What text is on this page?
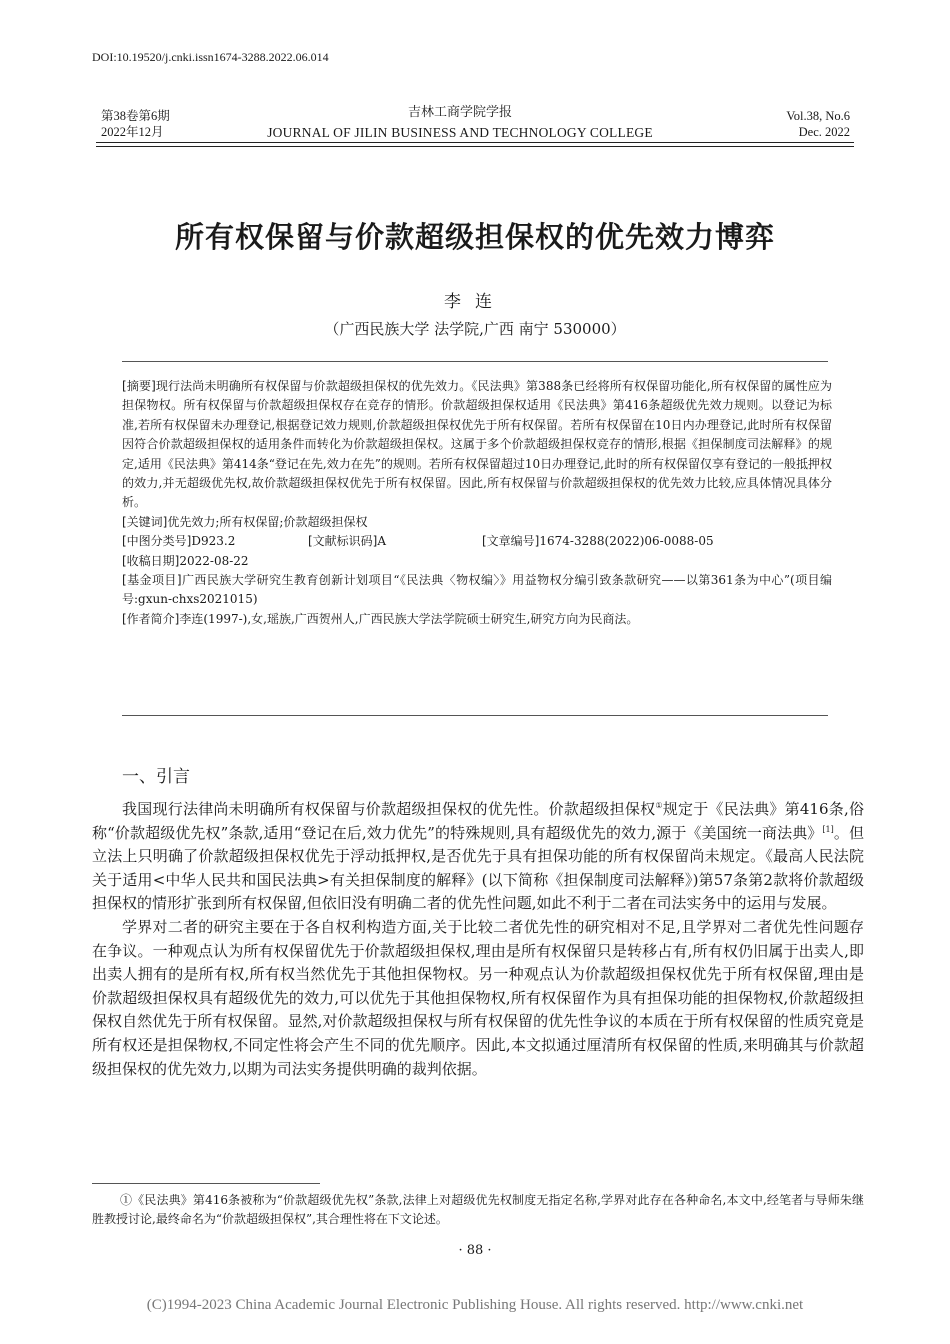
DOI:10.19520/j.cnki.issn1674-3288.2022.06.014
第38卷第6期
2022年12月
吉林工商学院学报
JOURNAL OF JILIN BUSINESS AND TECHNOLOGY COLLEGE
Vol.38, No.6
Dec. 2022
所有权保留与价款超级担保权的优先效力博弈
李连
（广西民族大学 法学院,广西 南宁 530000）

[摘要]现行法尚未明确所有权保留与价款超级担保权的优先效力。《民法典》第388条已经将所有权保留功能化,所有权保留的属性应为担保物权。所有权保留与价款超级担保权存在竞存的情形。价款超级担保权适用《民法典》第416条超级优先效力规则。以登记为标准,若所有权保留未办理登记,根据登记效力规则,价款超级担保权优先于所有权保留。若所有权保留在10日内办理登记,此时所有权保留因符合价款超级担保权的适用条件而转化为价款超级担保权。这属于多个价款超级担保权竞存的情形,根据《担保制度司法解释》的规定,适用《民法典》第414条“登记在先,效力在先”的规则。若所有权保留超过10日办理登记,此时的所有权保留仅享有登记的一般抵押权的效力,并无超级优先权,故价款超级担保权优先于所有权保留。因此,所有权保留与价款超级担保权的优先效力比较,应具体情况具体分析。

[关键词]优先效力;所有权保留;价款超级担保权

[中图分类号]D923.2	[文献标识码]A	[文章编号]1674-3288(2022)06-0088-05

[收稿日期]2022-08-22

[基金项目]广西民族大学研究生教育创新计划项目“《民法典〈物权编〉》用益物权分编引致条款研究——以第361条为中心”(项目编号:gxun-chxs2021015)

[作者简介]李连(1997-),女,瑶族,广西贺州人,广西民族大学法学院硕士研究生,研究方向为民商法。

一、引言

我国现行法律尚未明确所有权保留与价款超级担保权的优先性。价款超级担保权①规定于《民法典》第416条,俗称“价款超级优先权”条款,适用“登记在后,效力优先”的特殊规则,具有超级优先的效力,源于《美国统一商法典》[1]。但立法上只明确了价款超级担保权优先于浮动抵押权,是否优先于具有担保功能的所有权保留尚未规定。《最高人民法院关于适用<中华人民共和国民法典>有关担保制度的解释》(以下简称《担保制度司法解释》)第57条第2款将价款超级担保权的情形扩张到所有权保留,但依旧没有明确二者的优先性问题,如此不利于二者在司法实务中的运用与发展。

学界对二者的研究主要在于各自权利构造方面,关于比较二者优先性的研究相对不足,且学界对二者优先性问题存在争议。一种观点认为所有权保留优先于价款超级担保权,理由是所有权保留只是转移占有,所有权仍旧属于出卖人,即出卖人拥有的是所有权,所有权当然优先于其他担保物权。另一种观点认为价款超级担保权优先于所有权保留,理由是价款超级担保权具有超级优先的效力,可以优先于其他担保物权,所有权保留作为具有担保功能的担保物权,价款超级担保权自然优先于所有权保留。显然,对价款超级担保权与所有权保留的优先性争议的本质在于所有权保留的性质究竟是所有权还是担保物权,不同定性将会产生不同的优先顺序。因此,本文拟通过厘清所有权保留的性质,来明确其与价款超级担保权的优先效力,以期为司法实务提供明确的裁判依据。

①《民法典》第416条被称为“价款超级优先权”条款,法律上对超级优先权制度无指定名称,学界对此存在各种命名,本文中,经笔者与导师朱继胜教授讨论,最终命名为“价款超级担保权”,其合理性将在下文论述。

· 88 ·
(C)1994-2023 China Academic Journal Electronic Publishing House. All rights reserved. http://www.cnki.net
